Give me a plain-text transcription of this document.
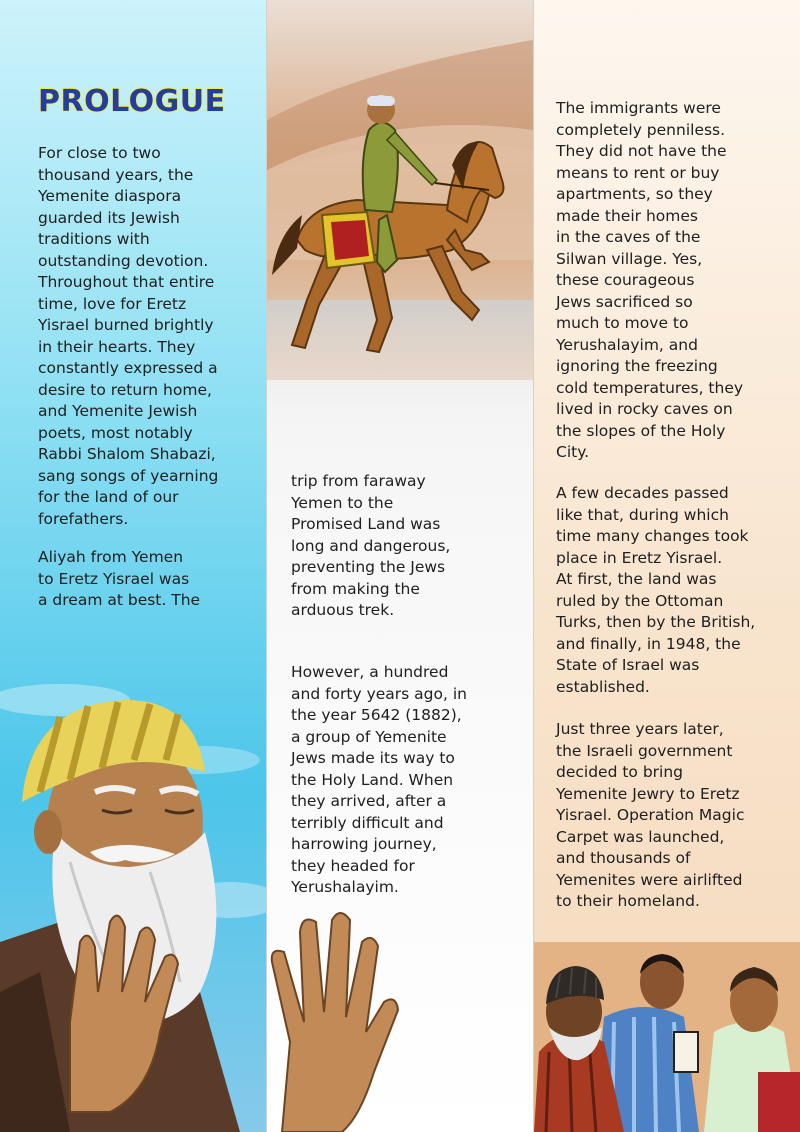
PROLOGUE

For close to two
thousand years, the
Yemenite diaspora
guarded its Jewish
traditions with
outstanding devotion.
Throughout that entire
time, love for Eretz
Yisrael burned brightly
in their hearts. They
constantly expressed a
desire to return home,
and Yemenite Jewish
poets, most notably
Rabbi Shalom Shabazi,
sang songs of yearning
for the land of our
forefathers.

Aliyah from Yemen
to Eretz Yisrael was
a dream at best. The

trip from faraway
Yemen to the
Promised Land was
long and dangerous,
preventing the Jews
from making the
arduous trek.

However, a hundred
and forty years ago, in
the year 5642 (1882),
a group of Yemenite
Jews made its way to
the Holy Land. When
they arrived, after a
terribly difficult and
harrowing journey,
they headed for
Yerushalayim.

The immigrants were
completely penniless.
They did not have the
means to rent or buy
apartments, so they
made their homes
in the caves of the
Silwan village. Yes,
these courageous
Jews sacrificed so
much to move to
Yerushalayim, and
ignoring the freezing
cold temperatures, they
lived in rocky caves on
the slopes of the Holy
City.

A few decades passed
like that, during which
time many changes took
place in Eretz Yisrael.
At first, the land was
ruled by the Ottoman
Turks, then by the British,
and finally, in 1948, the
State of Israel was
established.

Just three years later,
the Israeli government
decided to bring
Yemenite Jewry to Eretz
Yisrael. Operation Magic
Carpet was launched,
and thousands of
Yemenites were airlifted
to their homeland.
